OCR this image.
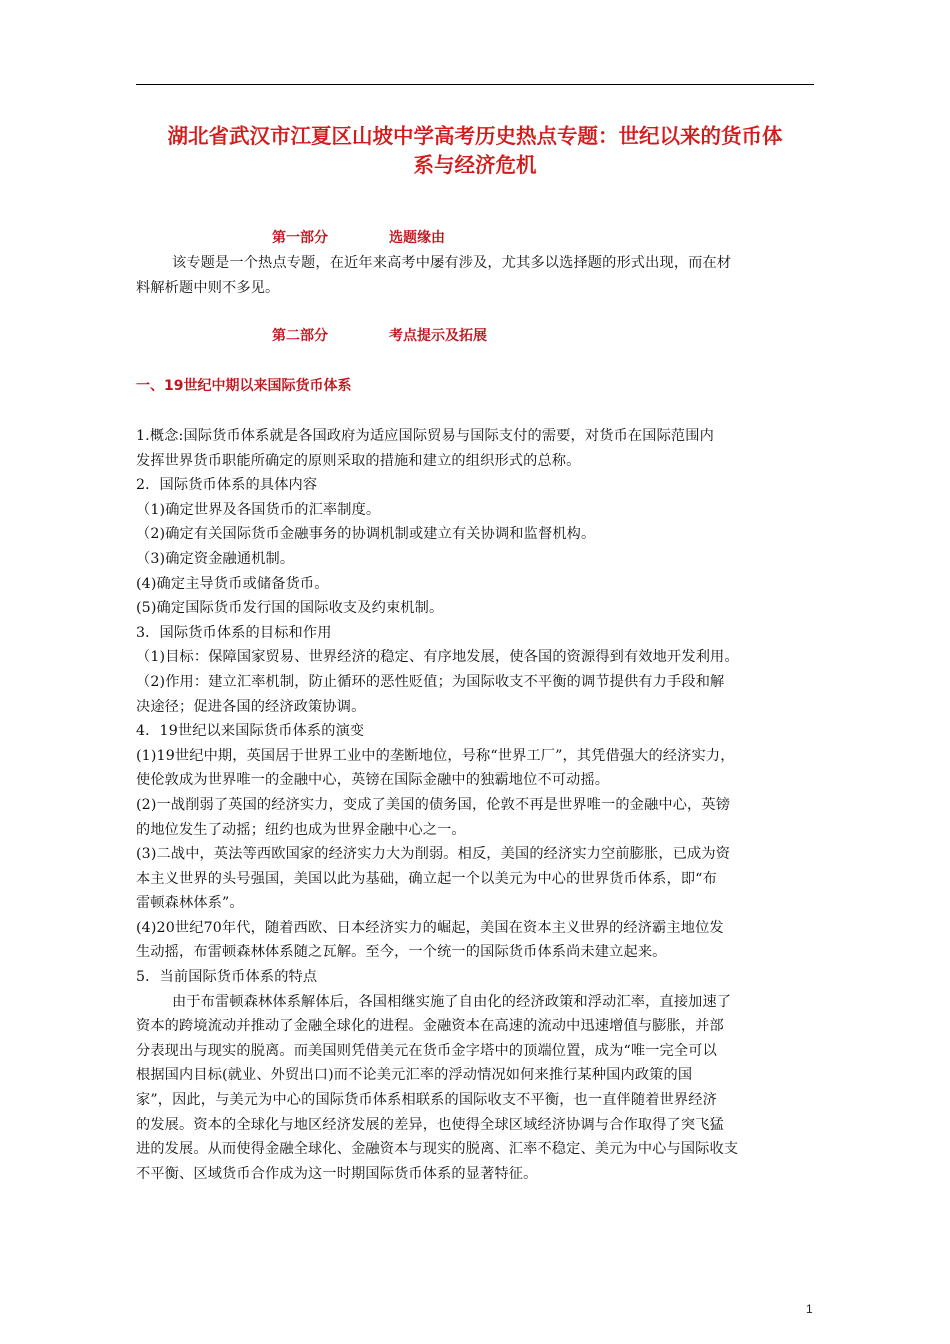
湖北省武汉市江夏区山坡中学高考历史热点专题：世纪以来的货币体
系与经济危机
第一部分	选题缘由
该专题是一个热点专题，在近年来高考中屡有涉及，尤其多以选择题的形式出现，而在材
料解析题中则不多见。
第二部分	考点提示及拓展
一、19世纪中期以来国际货币体系
1.概念:国际货币体系就是各国政府为适应国际贸易与国际支付的需要，对货币在国际范围内
发挥世界货币职能所确定的原则采取的措施和建立的组织形式的总称。
2．国际货币体系的具体内容
（1)确定世界及各国货币的汇率制度。
（2)确定有关国际货币金融事务的协调机制或建立有关协调和监督机构。
（3)确定资金融通机制。
(4)确定主导货币或储备货币。
(5)确定国际货币发行国的国际收支及约束机制。
3．国际货币体系的目标和作用
（1)目标：保障国家贸易、世界经济的稳定、有序地发展，使各国的资源得到有效地开发利用。
（2)作用：建立汇率机制，防止循环的恶性贬值；为国际收支不平衡的调节提供有力手段和解
决途径；促进各国的经济政策协调。
4．19世纪以来国际货币体系的演变
(1)19世纪中期，英国居于世界工业中的垄断地位，号称“世界工厂”，其凭借强大的经济实力，
使伦敦成为世界唯一的金融中心，英镑在国际金融中的独霸地位不可动摇。
(2)一战削弱了英国的经济实力，变成了美国的债务国，伦敦不再是世界唯一的金融中心，英镑
的地位发生了动摇；纽约也成为世界金融中心之一。
(3)二战中，英法等西欧国家的经济实力大为削弱。相反，美国的经济实力空前膨胀，已成为资
本主义世界的头号强国，美国以此为基础，确立起一个以美元为中心的世界货币体系，即“布
雷顿森林体系”。
(4)20世纪70年代，随着西欧、日本经济实力的崛起，美国在资本主义世界的经济霸主地位发
生动摇，布雷顿森林体系随之瓦解。至今，一个统一的国际货币体系尚未建立起来。
5．当前国际货币体系的特点
由于布雷顿森林体系解体后，各国相继实施了自由化的经济政策和浮动汇率，直接加速了
资本的跨境流动并推动了金融全球化的进程。金融资本在高速的流动中迅速增值与膨胀，并部
分表现出与现实的脱离。而美国则凭借美元在货币金字塔中的顶端位置，成为“唯一完全可以
根据国内目标(就业、外贸出口)而不论美元汇率的浮动情况如何来推行某种国内政策的国
家”，因此，与美元为中心的国际货币体系相联系的国际收支不平衡，也一直伴随着世界经济
的发展。资本的全球化与地区经济发展的差异，也使得全球区域经济协调与合作取得了突飞猛
进的发展。从而使得金融全球化、金融资本与现实的脱离、汇率不稳定、美元为中心与国际收支
不平衡、区域货币合作成为这一时期国际货币体系的显著特征。
1
